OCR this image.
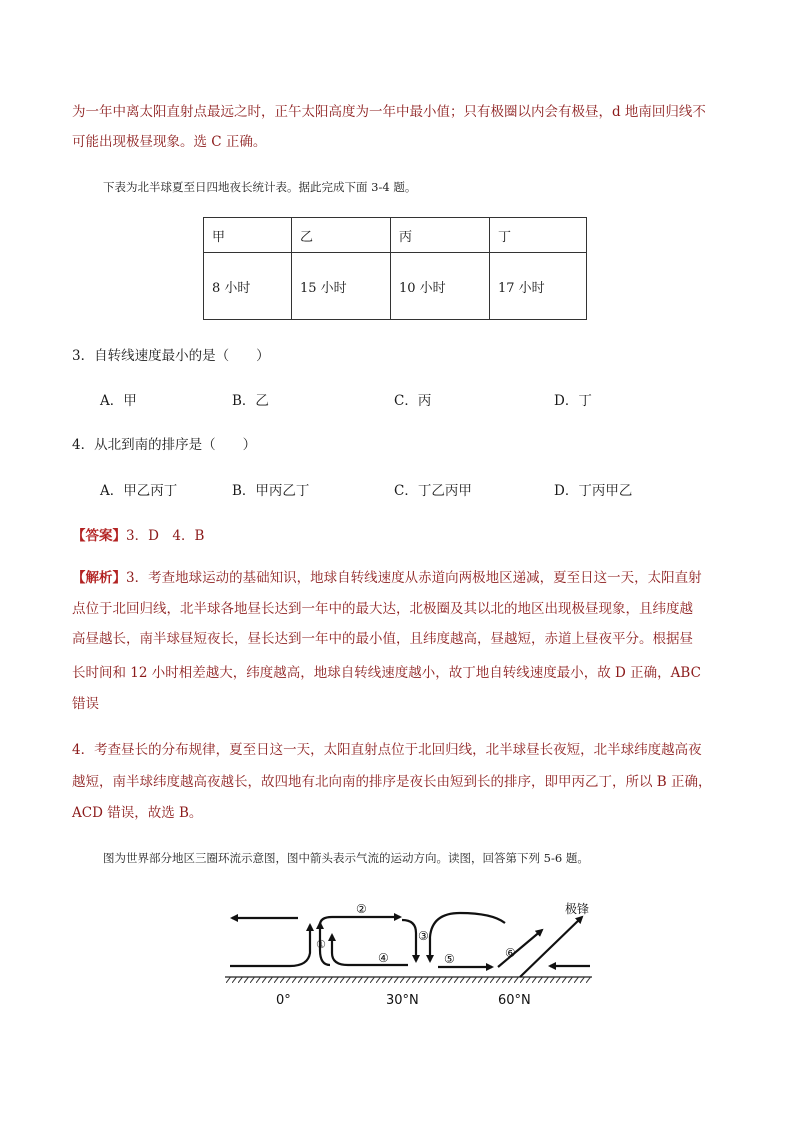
为一年中离太阳直射点最远之时，正午太阳高度为一年中最小值；只有极圈以内会有极昼，d 地南回归线不

可能出现极昼现象。选 C 正确。

下表为北半球夏至日四地夜长统计表。据此完成下面 3-4 题。
甲	乙	丙	丁
8 小时	15 小时	10 小时	17 小时
3．自转线速度最小的是（　　）
A．甲	B．乙	C．丙	D．丁
4．从北到南的排序是（　　）
A．甲乙丙丁	B．甲丙乙丁	C．丁乙丙甲	D．丁丙甲乙
【答案】3．D　4．B

【解析】3．考查地球运动的基础知识，地球自转线速度从赤道向两极地区递减，夏至日这一天，太阳直射

点位于北回归线，北半球各地昼长达到一年中的最大达，北极圈及其以北的地区出现极昼现象，且纬度越

高昼越长，南半球昼短夜长，昼长达到一年中的最小值，且纬度越高，昼越短，赤道上昼夜平分。根据昼

长时间和 12 小时相差越大，纬度越高，地球自转线速度越小，故丁地自转线速度最小，故 D 正确，ABC

错误

4．考查昼长的分布规律，夏至日这一天，太阳直射点位于北回归线，北半球昼长夜短，北半球纬度越高夜

越短，南半球纬度越高夜越长，故四地有北向南的排序是夜长由短到长的排序，即甲丙乙丁，所以 B 正确，

ACD 错误，故选 B。

图为世界部分地区三圈环流示意图，图中箭头表示气流的运动方向。读图，回答第下列 5-6 题。
①
②
③
④	⑤	⑥
极锋
0°	30°N	60°N
